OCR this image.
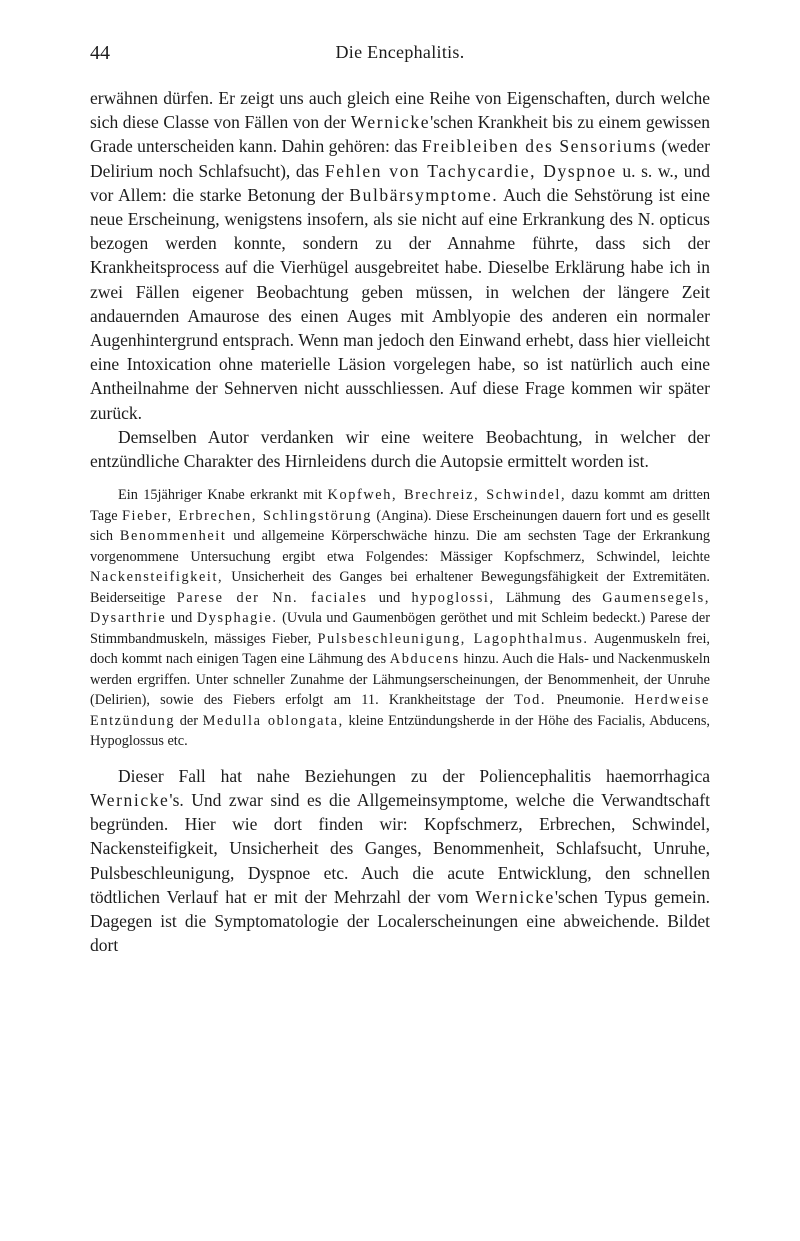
44	Die Encephalitis.

erwähnen dürfen. Er zeigt uns auch gleich eine Reihe von Eigenschaften, durch welche sich diese Classe von Fällen von der Wernicke'schen Krankheit bis zu einem gewissen Grade unterscheiden kann. Dahin gehören: das Freibleiben des Sensoriums (weder Delirium noch Schlafsucht), das Fehlen von Tachycardie, Dyspnoe u. s. w., und vor Allem: die starke Betonung der Bulbärsymptome. Auch die Sehstörung ist eine neue Erscheinung, wenigstens insofern, als sie nicht auf eine Erkrankung des N. opticus bezogen werden konnte, sondern zu der Annahme führte, dass sich der Krankheitsprocess auf die Vierhügel ausgebreitet habe. Dieselbe Erklärung habe ich in zwei Fällen eigener Beobachtung geben müssen, in welchen der längere Zeit andauernden Amaurose des einen Auges mit Amblyopie des anderen ein normaler Augenhintergrund entsprach. Wenn man jedoch den Einwand erhebt, dass hier vielleicht eine Intoxication ohne materielle Läsion vorgelegen habe, so ist natürlich auch eine Antheilnahme der Sehnerven nicht ausschliessen. Auf diese Frage kommen wir später zurück.

Demselben Autor verdanken wir eine weitere Beobachtung, in welcher der entzündliche Charakter des Hirnleidens durch die Autopsie ermittelt worden ist.

Ein 15jähriger Knabe erkrankt mit Kopfweh, Brechreiz, Schwindel, dazu kommt am dritten Tage Fieber, Erbrechen, Schlingstörung (Angina). Diese Erscheinungen dauern fort und es gesellt sich Benommenheit und allgemeine Körperschwäche hinzu. Die am sechsten Tage der Erkrankung vorgenommene Untersuchung ergibt etwa Folgendes: Mässiger Kopfschmerz, Schwindel, leichte Nackensteifigkeit, Unsicherheit des Ganges bei erhaltener Bewegungsfähigkeit der Extremitäten. Beiderseitige Parese der Nn. faciales und hypoglossi, Lähmung des Gaumensegels, Dysarthrie und Dysphagie. (Uvula und Gaumenbögen geröthet und mit Schleim bedeckt.) Parese der Stimmbandmuskeln, mässiges Fieber, Pulsbeschleunigung, Lagophthalmus. Augenmuskeln frei, doch kommt nach einigen Tagen eine Lähmung des Abducens hinzu. Auch die Hals- und Nackenmuskeln werden ergriffen. Unter schneller Zunahme der Lähmungserscheinungen, der Benommenheit, der Unruhe (Delirien), sowie des Fiebers erfolgt am 11. Krankheitstage der Tod. Pneumonie. Herdweise Entzündung der Medulla oblongata, kleine Entzündungsherde in der Höhe des Facialis, Abducens, Hypoglossus etc.

Dieser Fall hat nahe Beziehungen zu der Poliencephalitis haemorrhagica Wernicke's. Und zwar sind es die Allgemeinsymptome, welche die Verwandtschaft begründen. Hier wie dort finden wir: Kopfschmerz, Erbrechen, Schwindel, Nackensteifigkeit, Unsicherheit des Ganges, Benommenheit, Schlafsucht, Unruhe, Pulsbeschleunigung, Dyspnoe etc. Auch die acute Entwicklung, den schnellen tödtlichen Verlauf hat er mit der Mehrzahl der vom Wernicke'schen Typus gemein. Dagegen ist die Symptomatologie der Localerscheinungen eine abweichende. Bildet dort
